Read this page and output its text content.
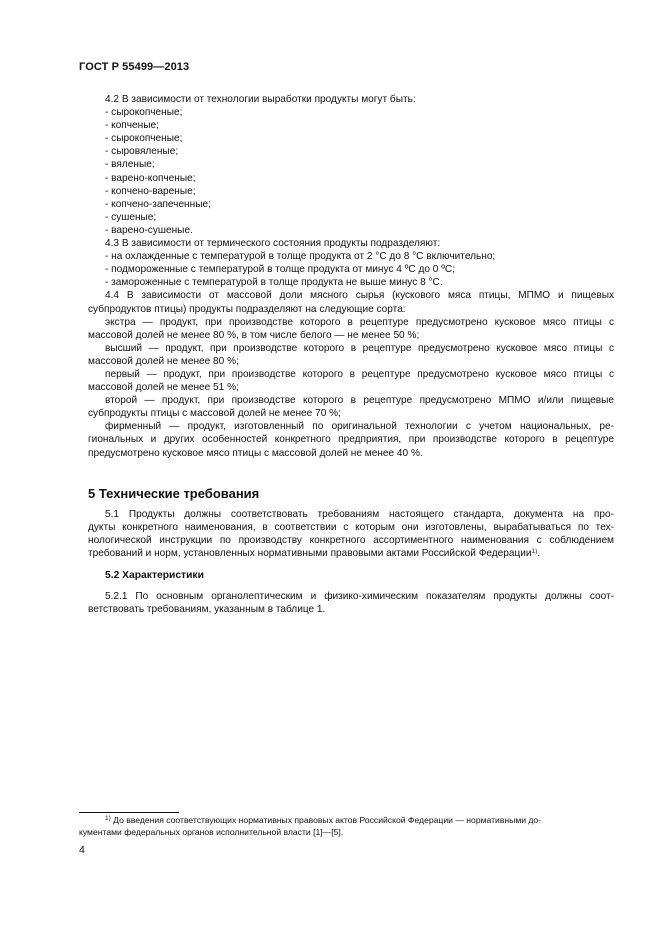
ГОСТ Р 55499—2013
4.2 В зависимости от технологии выработки продукты могут быть:
- сырокопченые;
- копченые;
- сырокопченые;
- сыровяленые;
- вяленые;
- варено-копченые;
- копчено-вареные;
- копчено-запеченные;
- сушеные;
- варено-сушеные.
4.3 В зависимости от термического состояния продукты подразделяют:
- на охлажденные с температурой в толще продукта от 2 °С до 8 °С включительно;
- подмороженные с температурой в толще продукта от минус 4 ºС до 0 ºС;
- замороженные с температурой в толще продукта не выше минус 8 °С.
4.4 В зависимости от массовой доли мясного сырья (кускового мяса птицы, МПМО и пищевых
субпродуктов птицы) продукты подразделяют на следующие сорта:
экстра — продукт, при производстве которого в рецептуре предусмотрено кусковое мясо птицы с
массовой долей не менее 80 %, в том числе белого — не менее 50 %;
высший — продукт, при производстве которого в рецептуре предусмотрено кусковое мясо птицы с
массовой долей не менее 80 %;
первый — продукт, при производстве которого в рецептуре предусмотрено кусковое мясо птицы с
массовой долей не менее 51 %;
второй — продукт, при производстве которого в рецептуре предусмотрено МПМО и/или пищевые
субпродукты птицы с массовой долей не менее 70 %;
фирменный — продукт, изготовленный по оригинальной технологии с учетом национальных, ре-
гиональных и других особенностей конкретного предприятия, при производстве которого в рецептуре
предусмотрено кусковое мясо птицы с массовой долей не менее 40 %.
5 Технические требования
5.1 Продукты должны соответствовать требованиям настоящего стандарта, документа на про-
дукты конкретного наименования, в соответствии с которым они изготовлены, вырабатываться по тех-
нологической инструкции по производству конкретного ассортиментного наименования с соблюдением
требований и норм, установленных нормативными правовыми актами Российской Федерации$^{1)}$.
5.2 Характеристики
5.2.1 По основным органолептическим и физико-химическим показателям продукты должны соот-
ветствовать требованиям, указанным в таблице 1.
$^{1)}$ До введения соответствующих нормативных правовых актов Российской Федерации — нормативными до-
кументами федеральных органов исполнительной власти [1]—[5].
4
